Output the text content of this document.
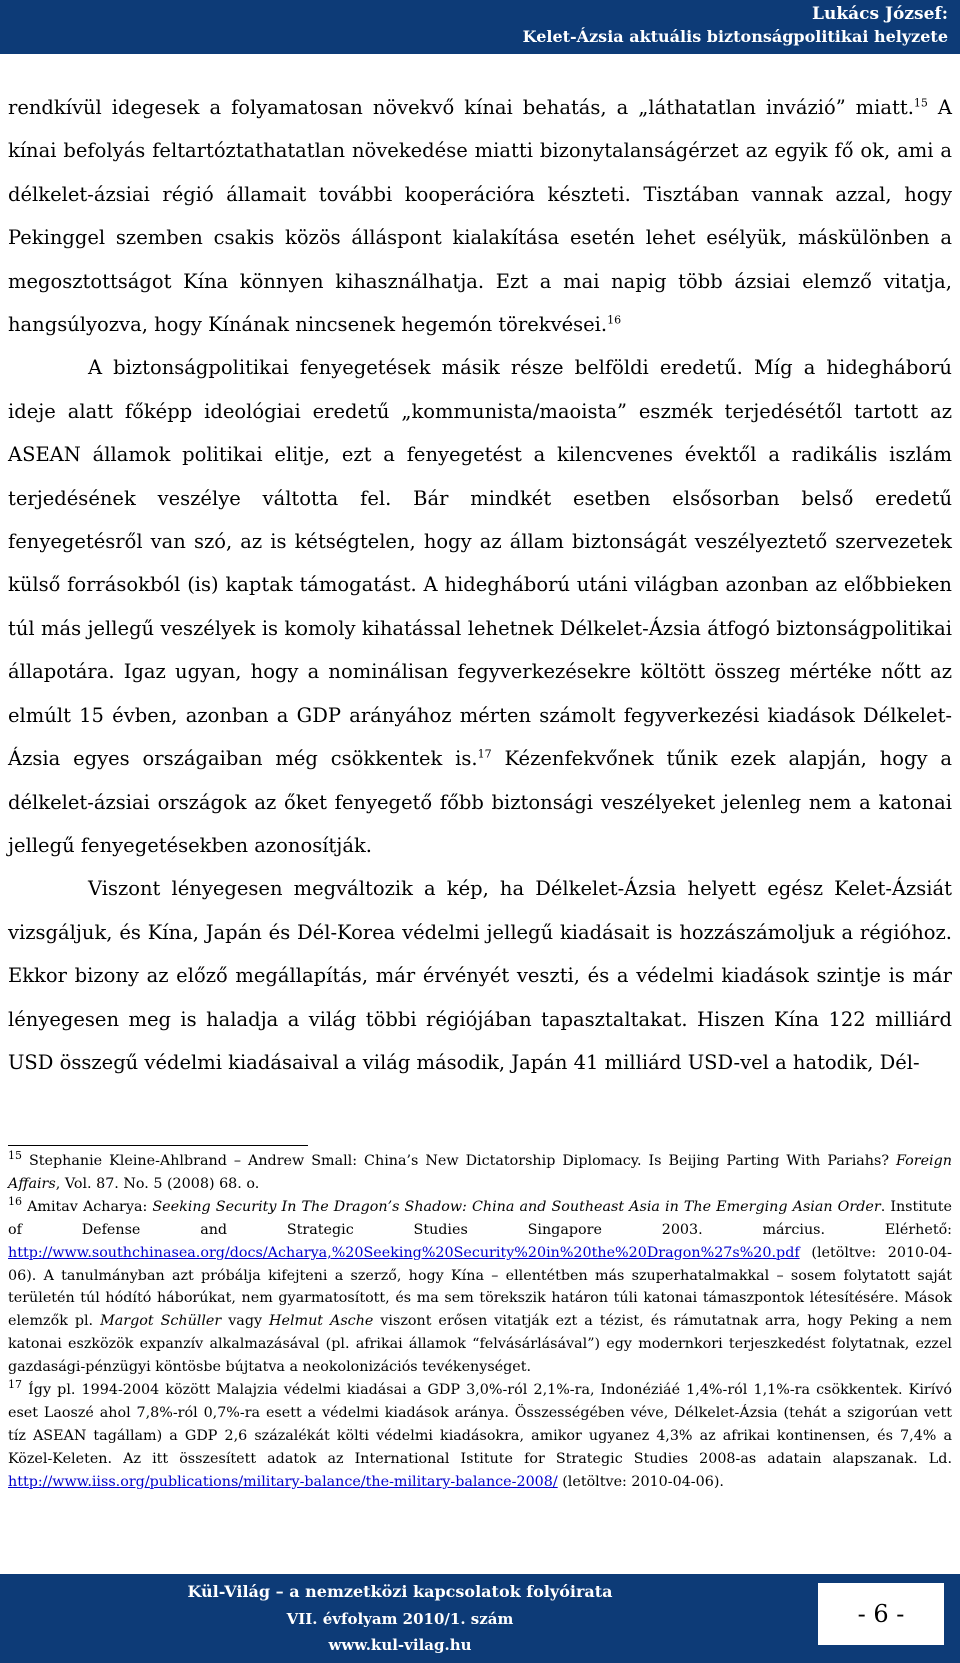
Lukács József:
Kelet-Ázsia aktuális biztonságpolitikai helyzete

rendkívül idegesek a folyamatosan növekvő kínai behatás, a „láthatatlan invázió” miatt.$^{15}$ A kínai befolyás feltartóztathatatlan növekedése miatti bizonytalanságérzet az egyik fő ok, ami a délkelet-ázsiai régió államait további kooperációra készteti. Tisztában vannak azzal, hogy Pekinggel szemben csakis közös álláspont kialakítása esetén lehet esélyük, máskülönben a megosztottságot Kína könnyen kihasználhatja. Ezt a mai napig több ázsiai elemző vitatja, hangsúlyozva, hogy Kínának nincsenek hegemón törekvései.$^{16}$

A biztonságpolitikai fenyegetések másik része belföldi eredetű. Míg a hidegháború ideje alatt főképp ideológiai eredetű „kommunista/maoista” eszmék terjedésétől tartott az ASEAN államok politikai elitje, ezt a fenyegetést a kilencvenes évektől a radikális iszlám terjedésének veszélye váltotta fel. Bár mindkét esetben elsősorban belső eredetű fenyegetésről van szó, az is kétségtelen, hogy az állam biztonságát veszélyeztető szervezetek külső forrásokból (is) kaptak támogatást. A hidegháború utáni világban azonban az előbbieken túl más jellegű veszélyek is komoly kihatással lehetnek Délkelet-Ázsia átfogó biztonságpolitikai állapotára. Igaz ugyan, hogy a nominálisan fegyverkezésekre költött összeg mértéke nőtt az elmúlt 15 évben, azonban a GDP arányához mérten számolt fegyverkezési kiadások Délkelet-Ázsia egyes országaiban még csökkentek is.$^{17}$ Kézenfekvőnek tűnik ezek alapján, hogy a délkelet-ázsiai országok az őket fenyegető főbb biztonsági veszélyeket jelenleg nem a katonai jellegű fenyegetésekben azonosítják.

Viszont lényegesen megváltozik a kép, ha Délkelet-Ázsia helyett egész Kelet-Ázsiát vizsgáljuk, és Kína, Japán és Dél-Korea védelmi jellegű kiadásait is hozzászámoljuk a régióhoz. Ekkor bizony az előző megállapítás, már érvényét veszti, és a védelmi kiadások szintje is már lényegesen meg is haladja a világ többi régiójában tapasztaltakat. Hiszen Kína 122 milliárd USD összegű védelmi kiadásaival a világ második, Japán 41 milliárd USD-vel a hatodik, Dél-

$^{15}$ Stephanie Kleine-Ahlbrand – Andrew Small: China’s New Dictatorship Diplomacy. Is Beijing Parting With Pariahs? Foreign Affairs, Vol. 87. No. 5 (2008) 68. o.

$^{16}$ Amitav Acharya: Seeking Security In The Dragon’s Shadow: China and Southeast Asia in The Emerging Asian Order. Institute of Defense and Strategic Studies Singapore 2003. március. Elérhető: http://www.southchinasea.org/docs/Acharya,%20Seeking%20Security%20in%20the%20Dragon%27s%20.pdf (letöltve: 2010-04-06). A tanulmányban azt próbálja kifejteni a szerző, hogy Kína – ellentétben más szuperhatalmakkal – sosem folytatott saját területén túl hódító háborúkat, nem gyarmatosított, és ma sem törekszik határon túli katonai támaszpontok létesítésére. Mások elemzők pl. Margot Schüller vagy Helmut Asche viszont erősen vitatják ezt a tézist, és rámutatnak arra, hogy Peking a nem katonai eszközök expanzív alkalmazásával (pl. afrikai államok “felvásárlásával”) egy modernkori terjeszkedést folytatnak, ezzel gazdasági-pénzügyi köntösbe bújtatva a neokolonizációs tevékenységet.

$^{17}$ Így pl. 1994-2004 között Malajzia védelmi kiadásai a GDP 3,0%-ról 2,1%-ra, Indonéziáé 1,4%-ról 1,1%-ra csökkentek. Kirívó eset Laoszé ahol 7,8%-ról 0,7%-ra esett a védelmi kiadások aránya. Összességében véve, Délkelet-Ázsia (tehát a szigorúan vett tíz ASEAN tagállam) a GDP 2,6 százalékát költi védelmi kiadásokra, amikor ugyanez 4,3% az afrikai kontinensen, és 7,4% a Közel-Keleten. Az itt összesített adatok az International Istitute for Strategic Studies 2008-as adatain alapszanak. Ld. http://www.iiss.org/publications/military-balance/the-military-balance-2008/ (letöltve: 2010-04-06).

Kül-Világ – a nemzetközi kapcsolatok folyóirata
VII. évfolyam 2010/1. szám
www.kul-vilag.hu
- 6 -
